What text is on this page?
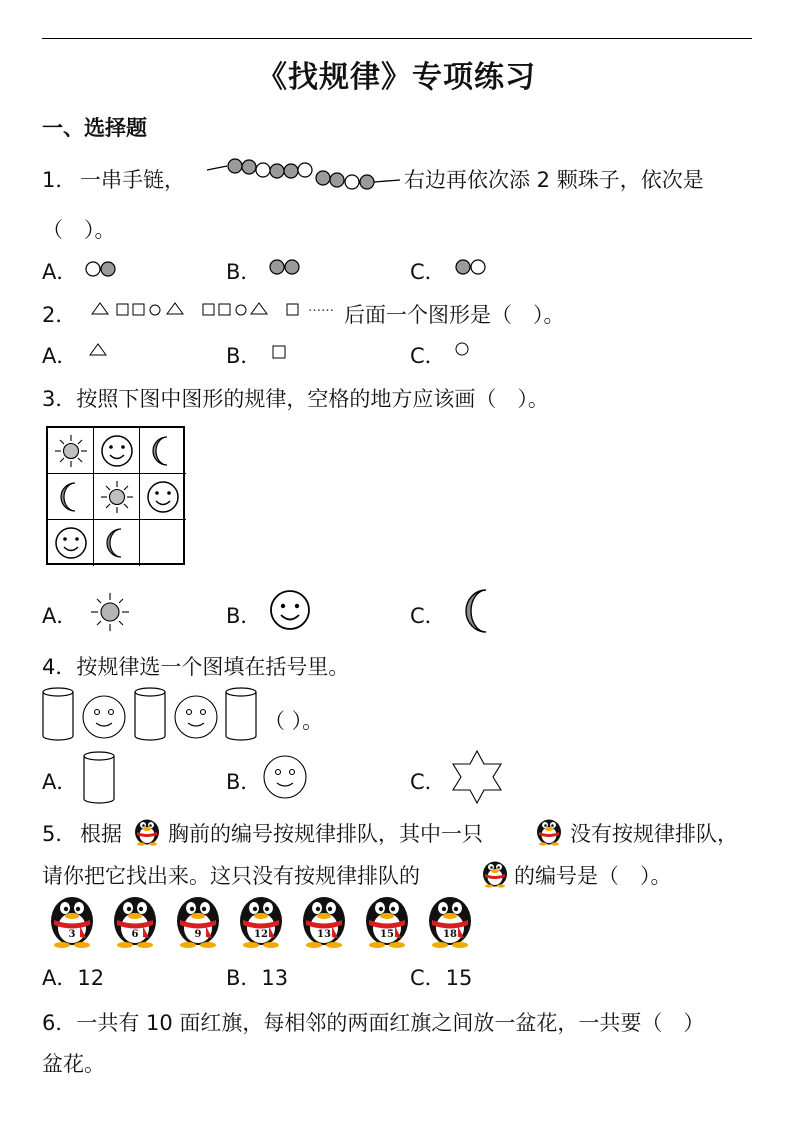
《找规律》专项练习
一、选择题
1． 一串手链，	右边再依次添 2 颗珠子，依次是
（　）。
A．	B．	C．
2．	…… 后面一个图形是（　）。
A．	B．	C．
3．按照下图中图形的规律，空格的地方应该画（　）。
A．	B．	C．
4．按规律选一个图填在括号里。
（ ）。
A．	B．	C．
5． 根据 胸前的编号按规律排队，其中一只	没有按规律排队，
请你把它找出来。这只没有按规律排队的	的编号是（　）。
3	6	9	12	13	15	18
A．12	B．13	C．15
6．一共有 10 面红旗，每相邻的两面红旗之间放一盆花，一共要（　）
盆花。
